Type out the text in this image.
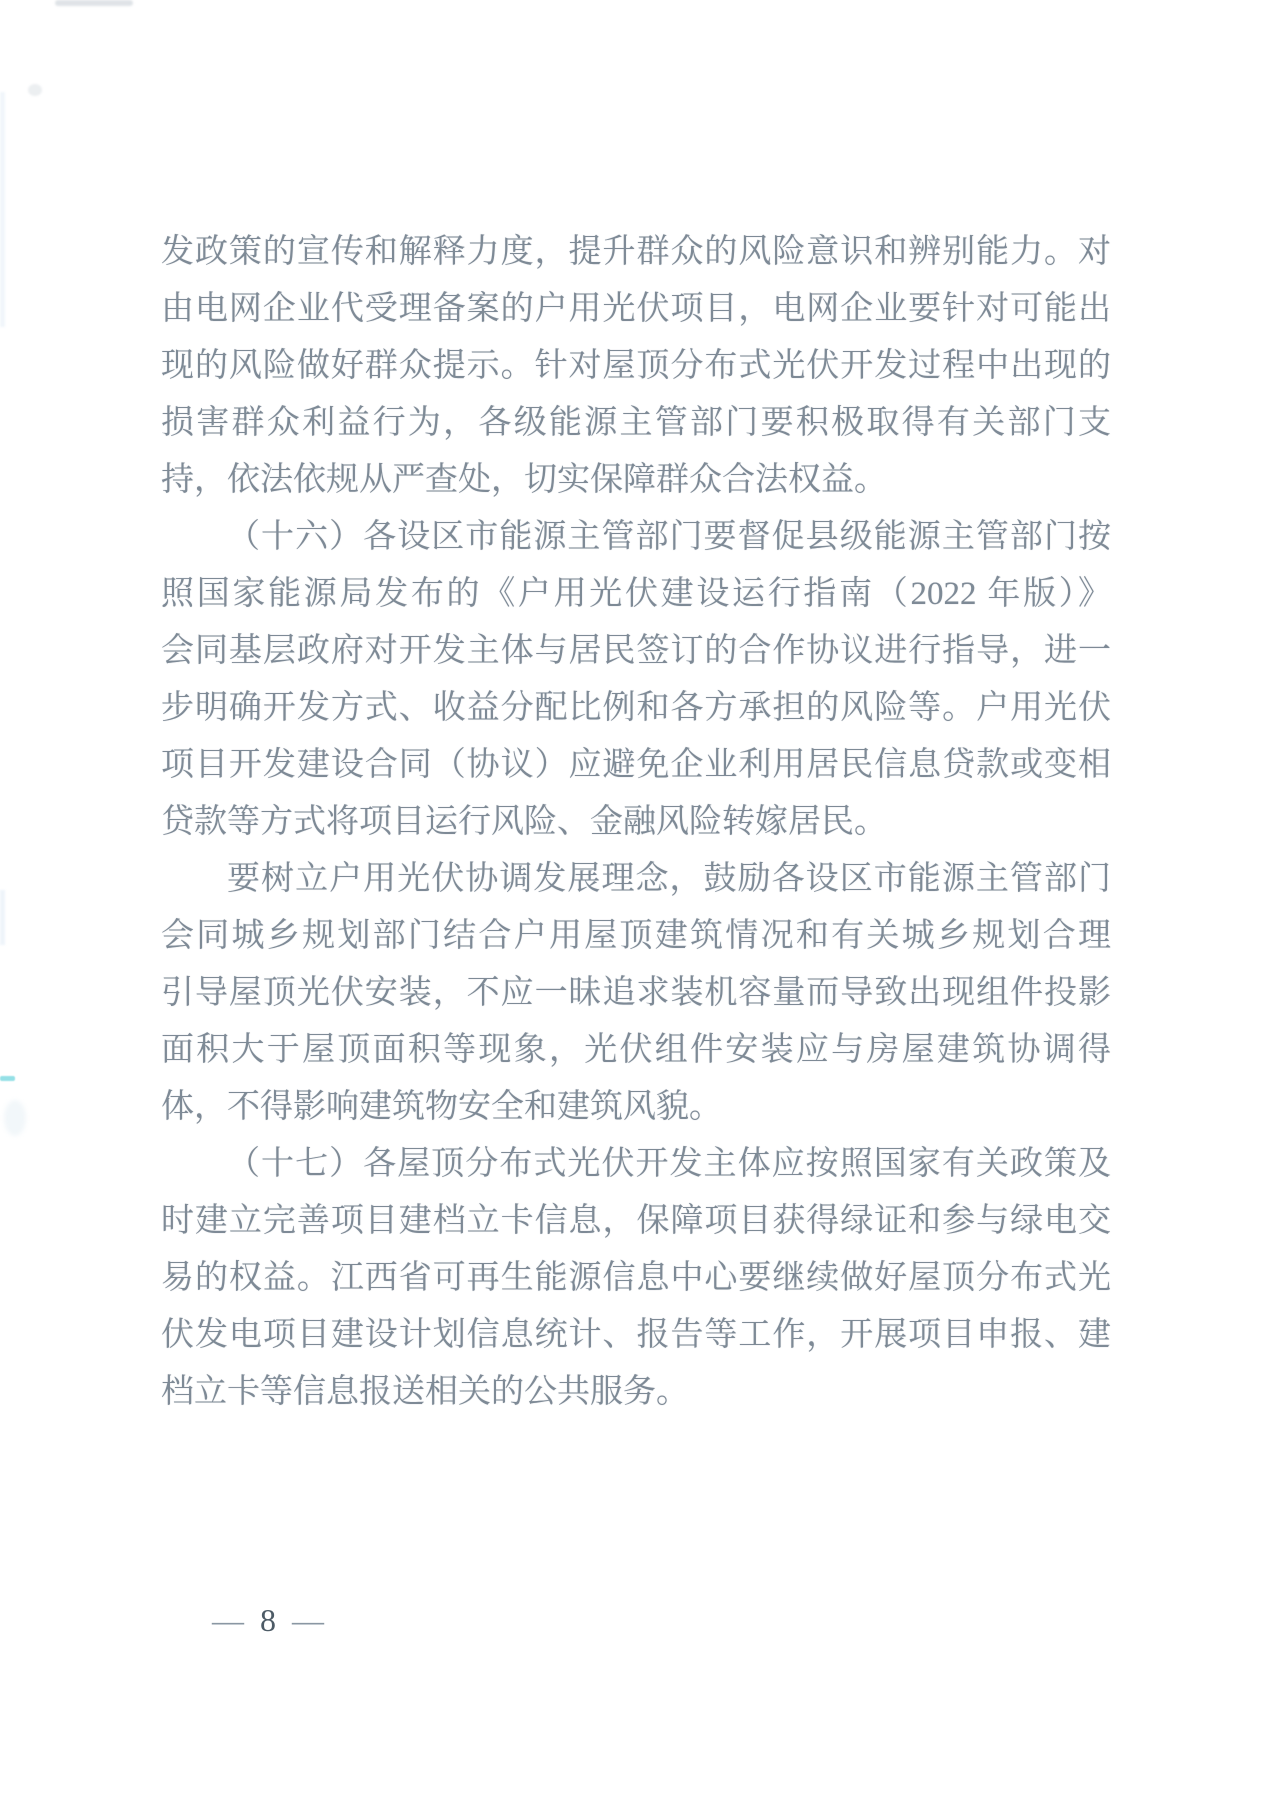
发政策的宣传和解释力度，提升群众的风险意识和辨别能力。对
由电网企业代受理备案的户用光伏项目，电网企业要针对可能出
现的风险做好群众提示。针对屋顶分布式光伏开发过程中出现的
损害群众利益行为，各级能源主管部门要积极取得有关部门支
持，依法依规从严查处，切实保障群众合法权益。
（十六）各设区市能源主管部门要督促县级能源主管部门按
照国家能源局发布的《户用光伏建设运行指南（2022 年版）》
会同基层政府对开发主体与居民签订的合作协议进行指导，进一
步明确开发方式、收益分配比例和各方承担的风险等。户用光伏
项目开发建设合同（协议）应避免企业利用居民信息贷款或变相
贷款等方式将项目运行风险、金融风险转嫁居民。
要树立户用光伏协调发展理念，鼓励各设区市能源主管部门
会同城乡规划部门结合户用屋顶建筑情况和有关城乡规划合理
引导屋顶光伏安装，不应一昧追求装机容量而导致出现组件投影
面积大于屋顶面积等现象，光伏组件安装应与房屋建筑协调得
体，不得影响建筑物安全和建筑风貌。
（十七）各屋顶分布式光伏开发主体应按照国家有关政策及
时建立完善项目建档立卡信息，保障项目获得绿证和参与绿电交
易的权益。江西省可再生能源信息中心要继续做好屋顶分布式光
伏发电项目建设计划信息统计、报告等工作，开展项目申报、建
档立卡等信息报送相关的公共服务。
— 8 —
